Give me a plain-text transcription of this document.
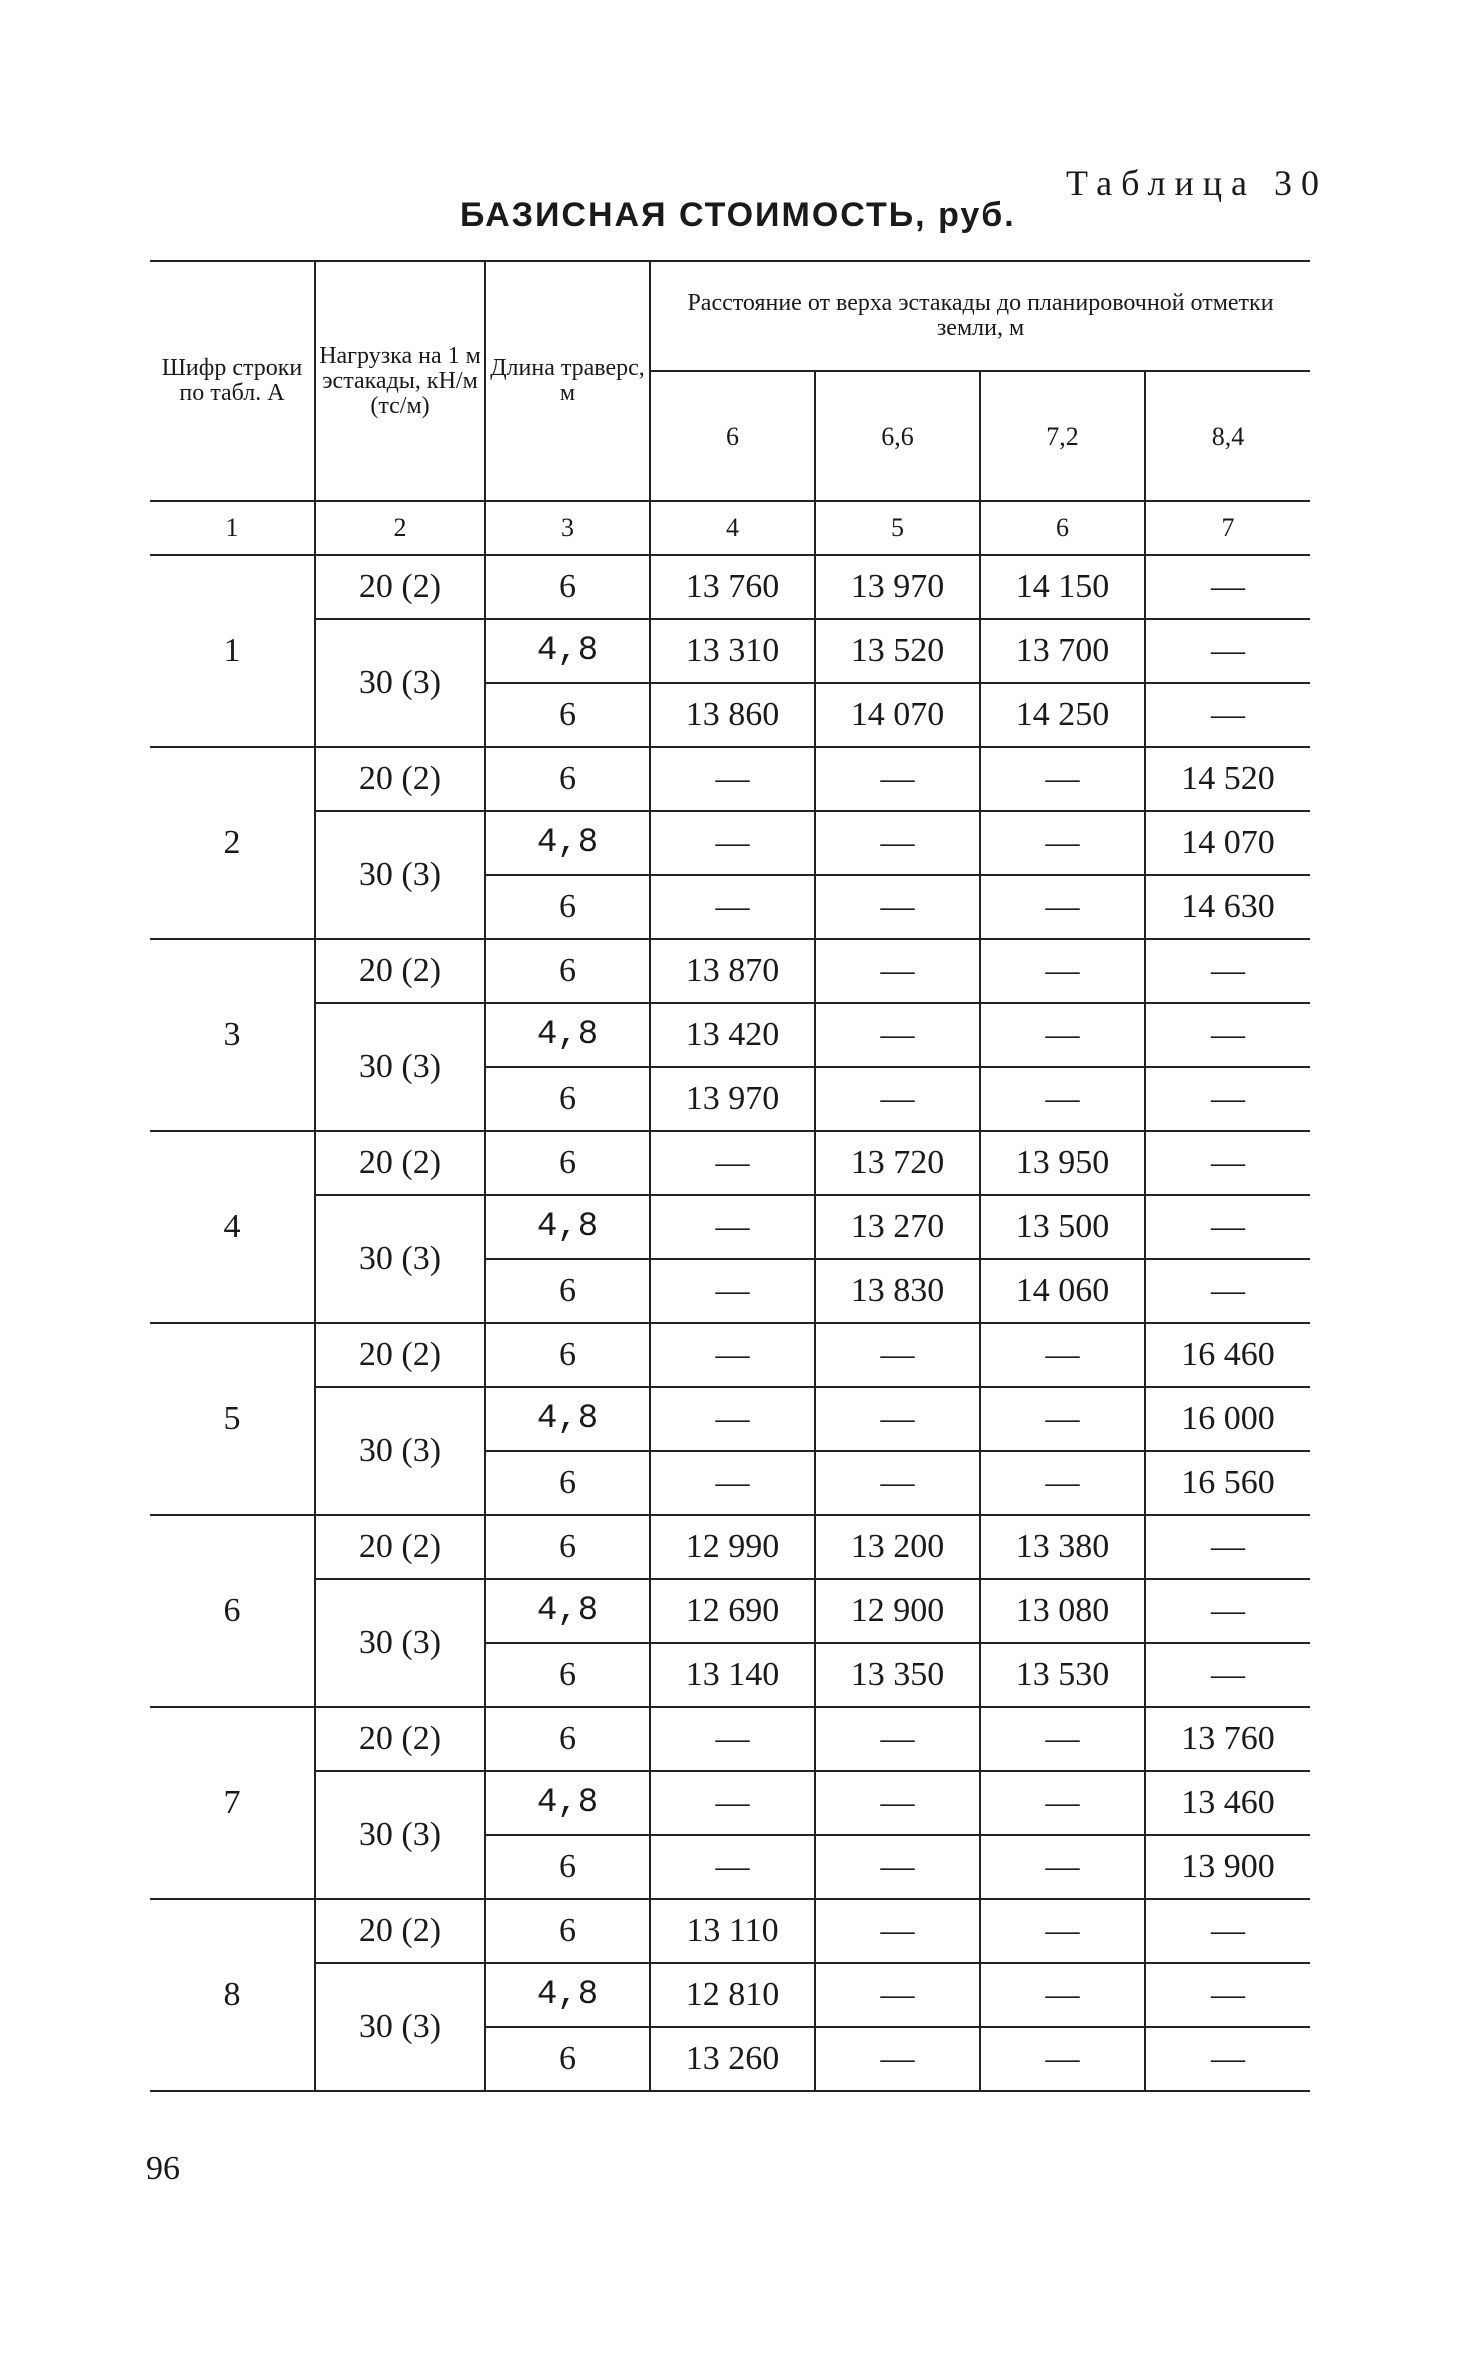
Таблица 30
БАЗИСНАЯ СТОИМОСТЬ, руб.
Шифр строки по табл. А	Нагрузка на 1 м эстакады, кН/м (тс/м)	Длина траверс, м	Расстояние от верха эстакады до планировочной отметки земли, м			
			6	6,6	7,2	8,4
1	2	3	4	5	6	7
1	20 (2)	6	13 760	13 970	14 150	—
	30 (3)	4,8	13 310	13 520	13 700	—
		6	13 860	14 070	14 250	—
2	20 (2)	6	—	—	—	14 520
	30 (3)	4,8	—	—	—	14 070
		6	—	—	—	14 630
3	20 (2)	6	13 870	—	—	—
	30 (3)	4,8	13 420	—	—	—
		6	13 970	—	—	—
4	20 (2)	6	—	13 720	13 950	—
	30 (3)	4,8	—	13 270	13 500	—
		6	—	13 830	14 060	—
5	20 (2)	6	—	—	—	16 460
	30 (3)	4,8	—	—	—	16 000
		6	—	—	—	16 560
6	20 (2)	6	12 990	13 200	13 380	—
	30 (3)	4,8	12 690	12 900	13 080	—
		6	13 140	13 350	13 530	—
7	20 (2)	6	—	—	—	13 760
	30 (3)	4,8	—	—	—	13 460
		6	—	—	—	13 900
8	20 (2)	6	13 110	—	—	—
	30 (3)	4,8	12 810	—	—	—
		6	13 260	—	—	—

96
